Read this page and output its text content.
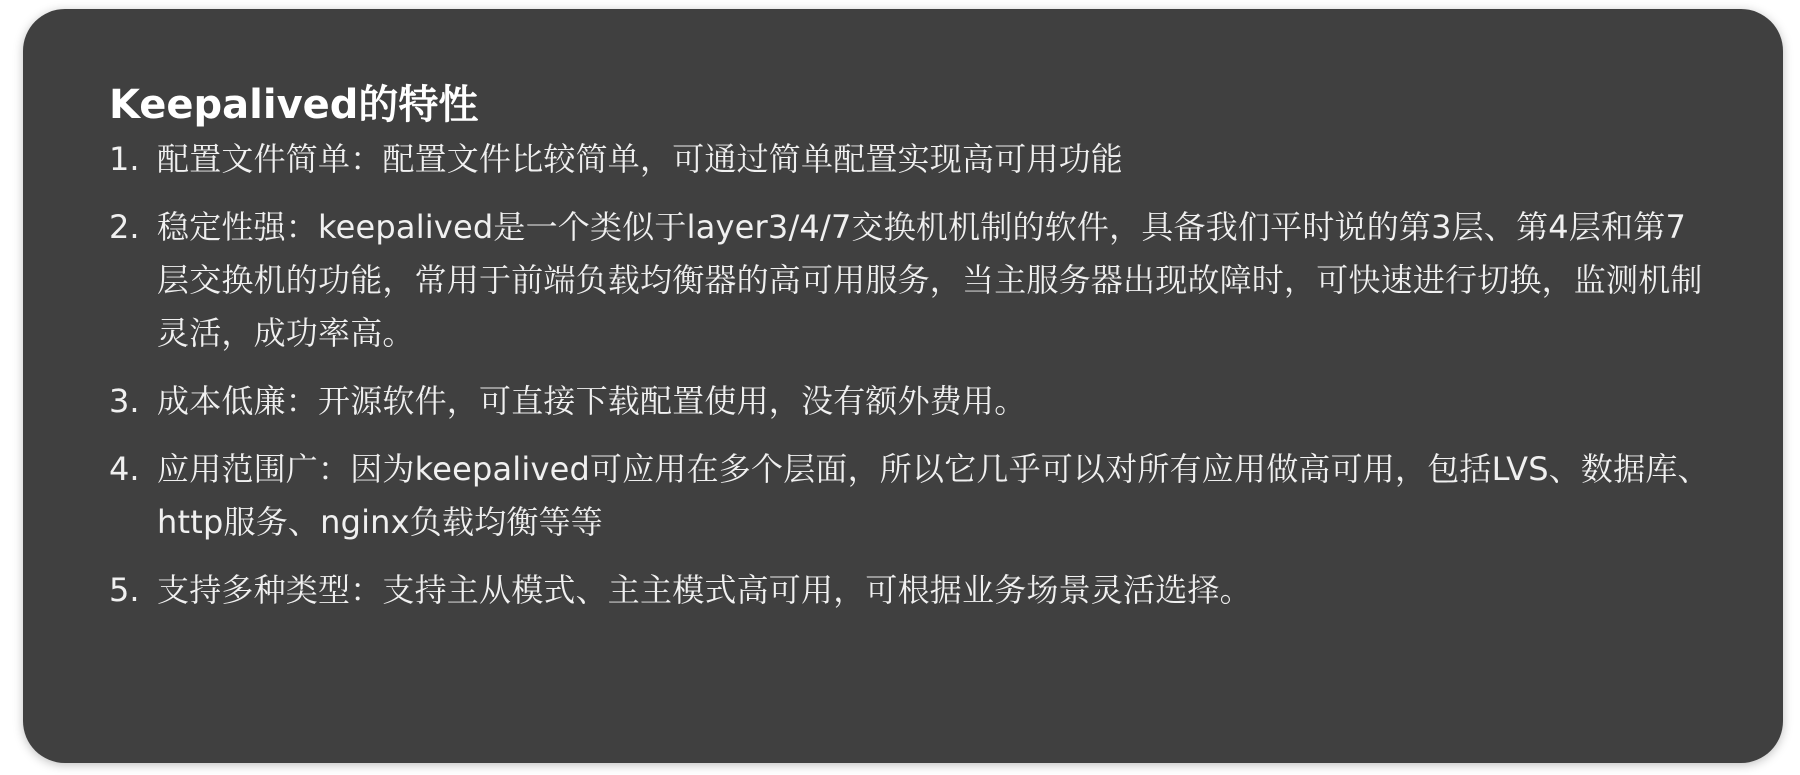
Keepalived的特性
1. 配置文件简单：配置文件比较简单，可通过简单配置实现高可用功能
2. 稳定性强：keepalived是一个类似于layer3/4/7交换机机制的软件，具备我们平时说的第3层、第4层和第7层交换机的功能，常用于前端负载均衡器的高可用服务，当主服务器出现故障时，可快速进行切换，监测机制灵活，成功率高。
3. 成本低廉：开源软件，可直接下载配置使用，没有额外费用。
4. 应用范围广：因为keepalived可应用在多个层面，所以它几乎可以对所有应用做高可用，包括LVS、数据库、http服务、nginx负载均衡等等
5. 支持多种类型：支持主从模式、主主模式高可用，可根据业务场景灵活选择。
